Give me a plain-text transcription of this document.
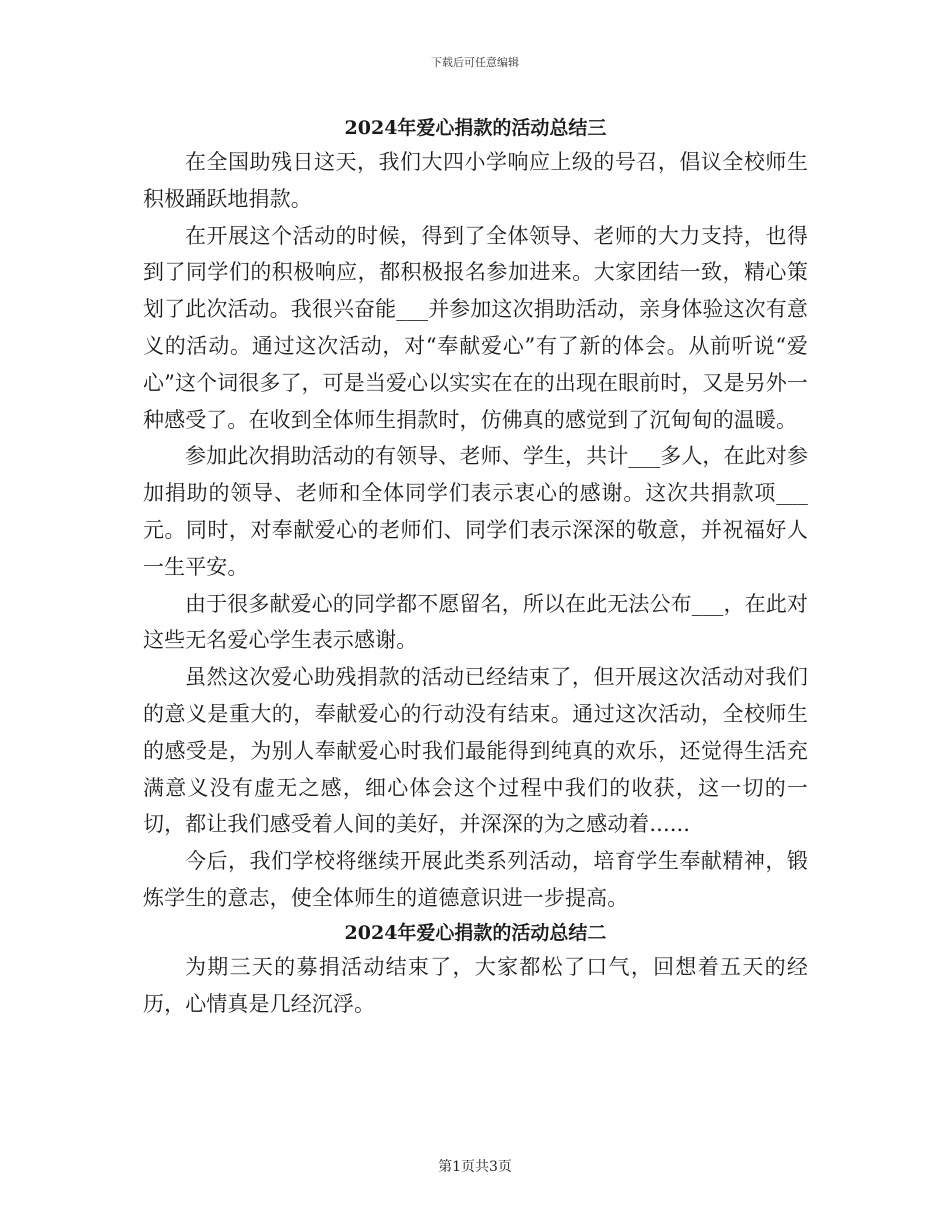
下载后可任意编辑
2024年爱心捐款的活动总结三

在全国助残日这天，我们大四小学响应上级的号召，倡议全校师生积极踊跃地捐款。

在开展这个活动的时候，得到了全体领导、老师的大力支持，也得到了同学们的积极响应，都积极报名参加进来。大家团结一致，精心策划了此次活动。我很兴奋能___并参加这次捐助活动，亲身体验这次有意义的活动。通过这次活动，对“奉献爱心”有了新的体会。从前听说“爱心”这个词很多了，可是当爱心以实实在在的出现在眼前时，又是另外一种感受了。在收到全体师生捐款时，仿佛真的感觉到了沉甸甸的温暖。

参加此次捐助活动的有领导、老师、学生，共计___多人，在此对参加捐助的领导、老师和全体同学们表示衷心的感谢。这次共捐款项___元。同时，对奉献爱心的老师们、同学们表示深深的敬意，并祝福好人一生平安。

由于很多献爱心的同学都不愿留名，所以在此无法公布___，在此对这些无名爱心学生表示感谢。

虽然这次爱心助残捐款的活动已经结束了，但开展这次活动对我们的意义是重大的，奉献爱心的行动没有结束。通过这次活动，全校师生的感受是，为别人奉献爱心时我们最能得到纯真的欢乐，还觉得生活充满意义没有虚无之感，细心体会这个过程中我们的收获，这一切的一切，都让我们感受着人间的美好，并深深的为之感动着......

今后，我们学校将继续开展此类系列活动，培育学生奉献精神，锻炼学生的意志，使全体师生的道德意识进一步提高。

2024年爱心捐款的活动总结二

为期三天的募捐活动结束了，大家都松了口气，回想着五天的经历，心情真是几经沉浮。

第1页共3页
